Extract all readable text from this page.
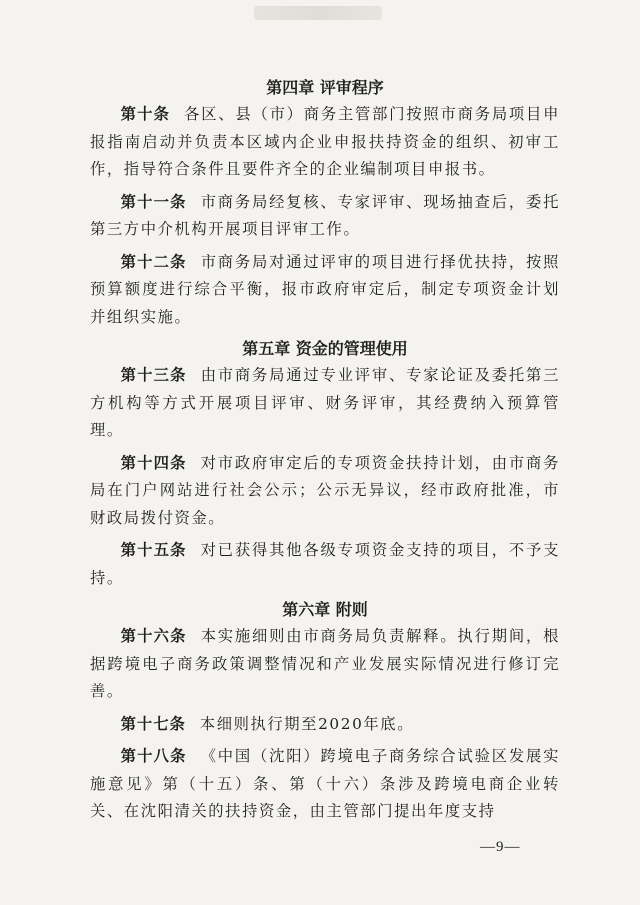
第四章 评审程序

第十条 各区、县（市）商务主管部门按照市商务局项目申报指南启动并负责本区域内企业申报扶持资金的组织、初审工作，指导符合条件且要件齐全的企业编制项目申报书。

第十一条 市商务局经复核、专家评审、现场抽查后，委托第三方中介机构开展项目评审工作。

第十二条 市商务局对通过评审的项目进行择优扶持，按照预算额度进行综合平衡，报市政府审定后，制定专项资金计划并组织实施。

第五章 资金的管理使用

第十三条 由市商务局通过专业评审、专家论证及委托第三方机构等方式开展项目评审、财务评审，其经费纳入预算管理。

第十四条 对市政府审定后的专项资金扶持计划，由市商务局在门户网站进行社会公示；公示无异议，经市政府批准，市财政局拨付资金。

第十五条 对已获得其他各级专项资金支持的项目，不予支持。

第六章 附则

第十六条 本实施细则由市商务局负责解释。执行期间，根据跨境电子商务政策调整情况和产业发展实际情况进行修订完善。

第十七条 本细则执行期至2020年底。

第十八条 《中国（沈阳）跨境电子商务综合试验区发展实施意见》第（十五）条、第（十六）条涉及跨境电商企业转关、在沈阳清关的扶持资金，由主管部门提出年度支持

—9—
